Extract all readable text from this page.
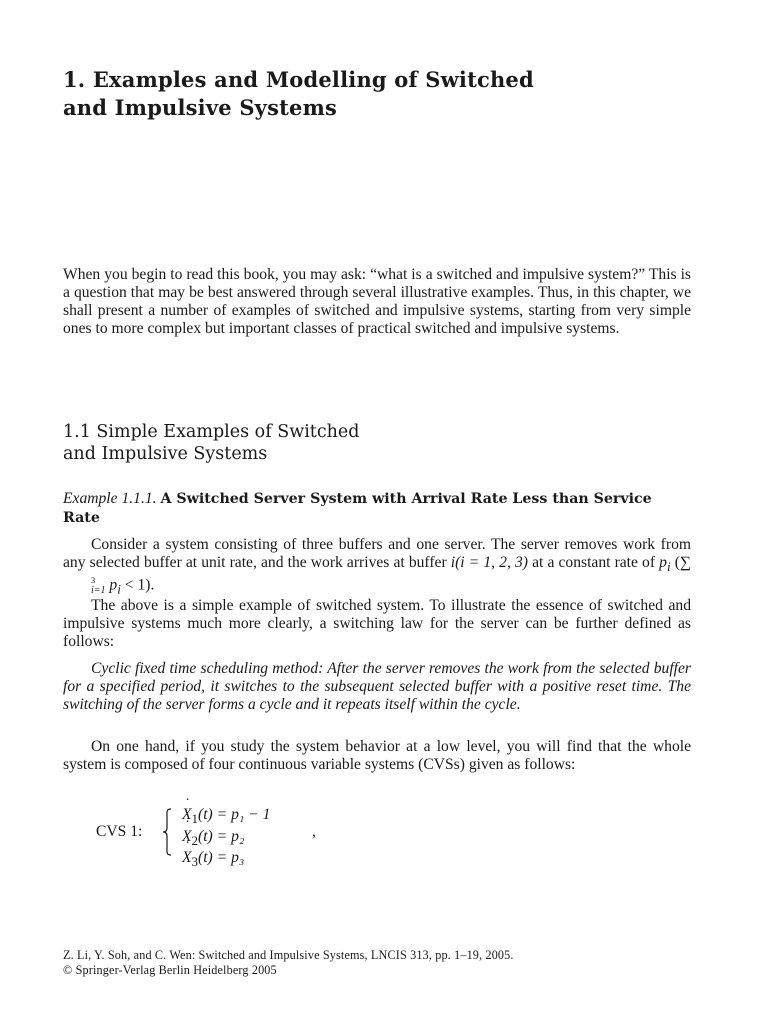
1. Examples and Modelling of Switched
and Impulsive Systems
When you begin to read this book, you may ask: “what is a switched and impulsive system?” This is a question that may be best answered through several illustrative examples. Thus, in this chapter, we shall present a number of examples of switched and impulsive systems, starting from very simple ones to more complex but important classes of practical switched and impulsive systems.
1.1 Simple Examples of Switched
and Impulsive Systems
Example 1.1.1. A Switched Server System with Arrival Rate Less than Service Rate
Consider a system consisting of three buffers and one server. The server removes work from any selected buffer at unit rate, and the work arrives at buffer i(i = 1, 2, 3) at a constant rate of $p_i$ (∑
3
i=1 $p_i < 1$).
The above is a simple example of switched system. To illustrate the essence of switched and impulsive systems much more clearly, a switching law for the server can be further defined as follows:
Cyclic fixed time scheduling method: After the server removes the work from the selected buffer for a specified period, it switches to the subsequent selected buffer with a positive reset time. The switching of the server forms a cycle and it repeats itself within the cycle.
On one hand, if you study the system behavior at a low level, you will find that the whole system is composed of four continuous variable systems (CVSs) given as follows:
CVS 1:
˙ $X_1(t) = p_1 - 1$
˙ $X_2(t) = p_2$
˙ $X_3(t) = p_3$
,
Z. Li, Y. Soh, and C. Wen: Switched and Impulsive Systems, LNCIS 313, pp. 1–19, 2005.
© Springer-Verlag Berlin Heidelberg 2005
